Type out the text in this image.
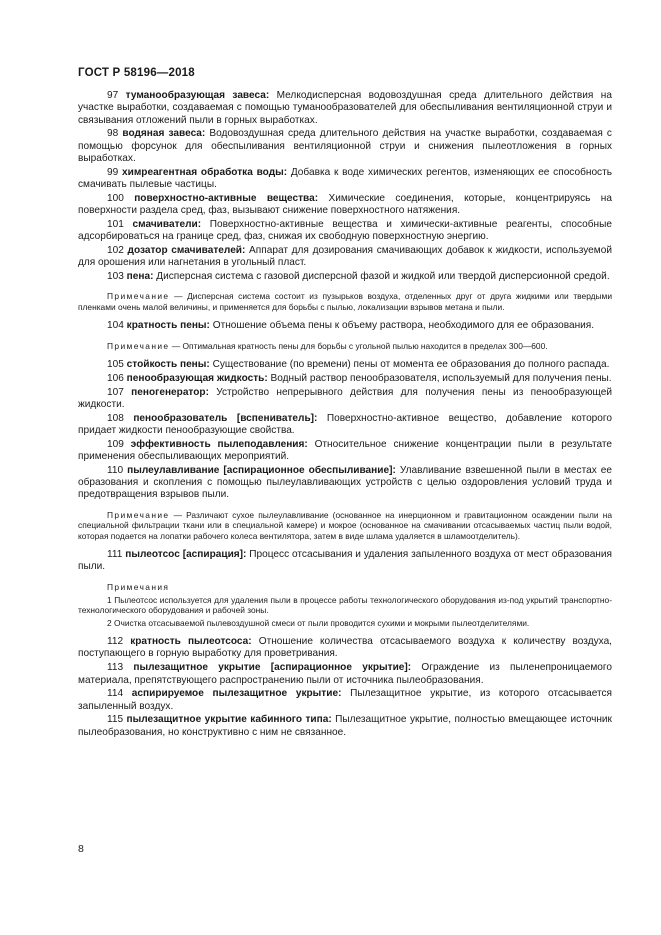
ГОСТ Р 58196—2018

97 туманообразующая завеса: Мелкодисперсная водовоздушная среда длительного действия на участке выработки, создаваемая с помощью туманообразователей для обеспыливания вентиляционной струи и связывания отложений пыли в горных выработках.

98 водяная завеса: Водовоздушная среда длительного действия на участке выработки, создаваемая с помощью форсунок для обеспыливания вентиляционной струи и снижения пылеотложения в горных выработках.

99 химреагентная обработка воды: Добавка к воде химических регентов, изменяющих ее способность смачивать пылевые частицы.

100 поверхностно-активные вещества: Химические соединения, которые, концентрируясь на поверхности раздела сред, фаз, вызывают снижение поверхностного натяжения.

101 смачиватели: Поверхностно-активные вещества и химически-активные реагенты, способные адсорбироваться на границе сред, фаз, снижая их свободную поверхностную энергию.

102 дозатор смачивателей: Аппарат для дозирования смачивающих добавок к жидкости, используемой для орошения или нагнетания в угольный пласт.

103 пена: Дисперсная система с газовой дисперсной фазой и жидкой или твердой дисперсионной средой.

Примечание — Дисперсная система состоит из пузырьков воздуха, отделенных друг от друга жидкими или твердыми пленками очень малой величины, и применяется для борьбы с пылью, локализации взрывов метана и пыли.

104 кратность пены: Отношение объема пены к объему раствора, необходимого для ее образования.

Примечание — Оптимальная кратность пены для борьбы с угольной пылью находится в пределах 300—600.

105 стойкость пены: Существование (по времени) пены от момента ее образования до полного распада.

106 пенообразующая жидкость: Водный раствор пенообразователя, используемый для получения пены.

107 пеногенератор: Устройство непрерывного действия для получения пены из пенообразующей жидкости.

108 пенообразователь [вспениватель]: Поверхностно-активное вещество, добавление которого придает жидкости пенообразующие свойства.

109 эффективность пылеподавления: Относительное снижение концентрации пыли в результате применения обеспыливающих мероприятий.

110 пылеулавливание [аспирационное обеспыливание]: Улавливание взвешенной пыли в местах ее образования и скопления с помощью пылеулавливающих устройств с целью оздоровления условий труда и предотвращения взрывов пыли.

Примечание — Различают сухое пылеулавливание (основанное на инерционном и гравитационном осаждении пыли на специальной фильтрации ткани или в специальной камере) и мокрое (основанное на смачивании отсасываемых частиц пыли водой, которая подается на лопатки рабочего колеса вентилятора, затем в виде шлама удаляется в шламоотделитель).

111 пылеотсос [аспирация]: Процесс отсасывания и удаления запыленного воздуха от мест образования пыли.

Примечания

1 Пылеотсос используется для удаления пыли в процессе работы технологического оборудования из-под укрытий транспортно-технологического оборудования и рабочей зоны.

2 Очистка отсасываемой пылевоздушной смеси от пыли проводится сухими и мокрыми пылеотделителями.

112 кратность пылеотсоса: Отношение количества отсасываемого воздуха к количеству воздуха, поступающего в горную выработку для проветривания.

113 пылезащитное укрытие [аспирационное укрытие]: Ограждение из пыленепроницаемого материала, препятствующего распространению пыли от источника пылеобразования.

114 аспирируемое пылезащитное укрытие: Пылезащитное укрытие, из которого отсасывается запыленный воздух.

115 пылезащитное укрытие кабинного типа: Пылезащитное укрытие, полностью вмещающее источник пылеобразования, но конструктивно с ним не связанное.

8
